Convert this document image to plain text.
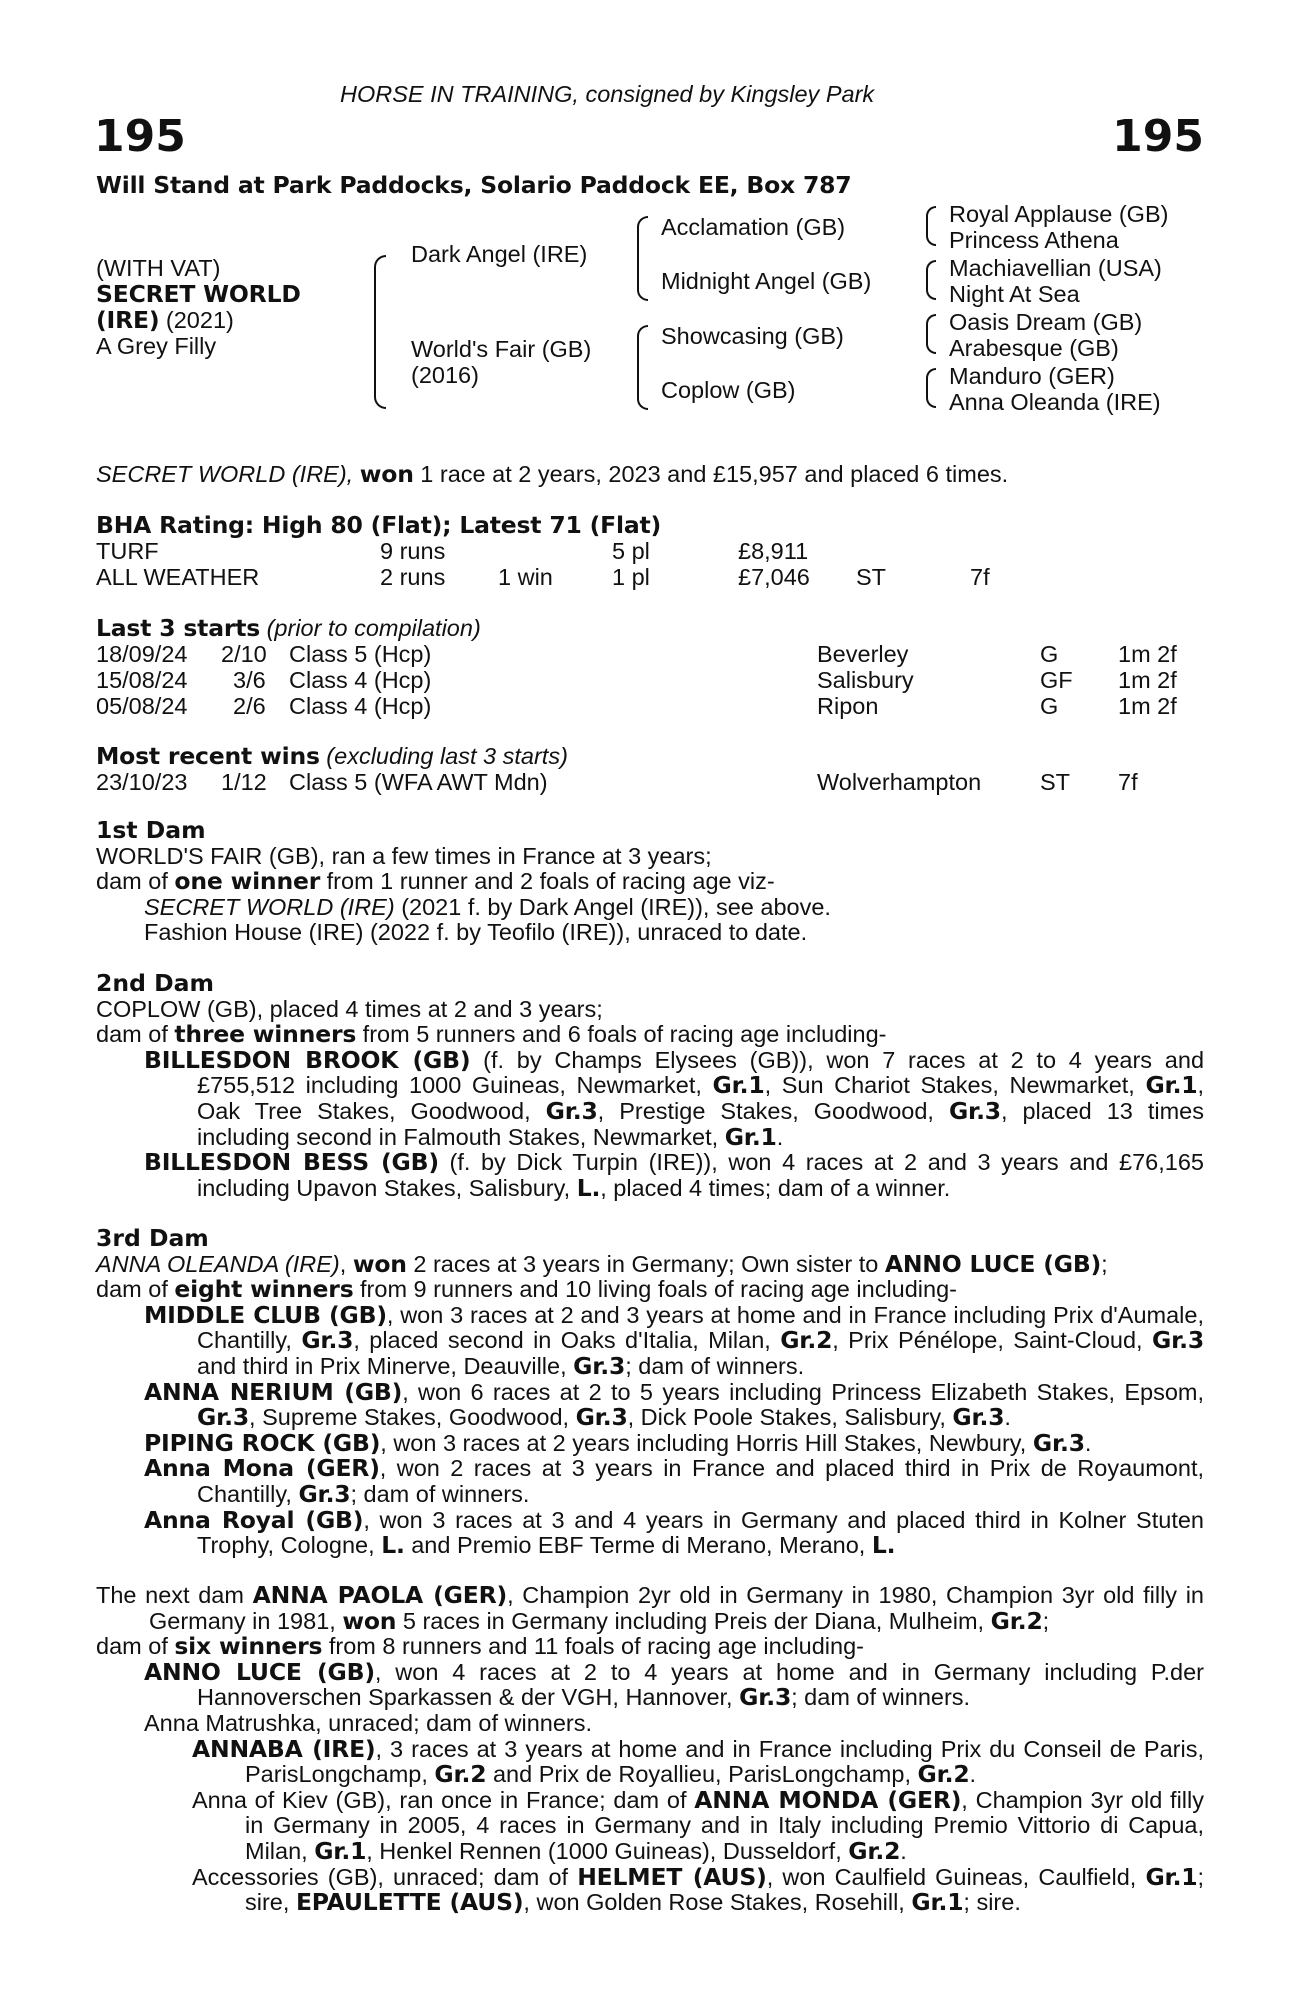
HORSE IN TRAINING, consigned by Kingsley Park
195	195
Will Stand at Park Paddocks, Solario Paddock EE, Box 787
(WITH VAT)
SECRET WORLD
(IRE) (2021)
A Grey Filly
Dark Angel (IRE)
World's Fair (GB)
(2016)
Acclamation (GB)
Midnight Angel (GB)
Showcasing (GB)
Coplow (GB)
Royal Applause (GB)
Princess Athena
Machiavellian (USA)
Night At Sea
Oasis Dream (GB)
Arabesque (GB)
Manduro (GER)
Anna Oleanda (IRE)
SECRET WORLD (IRE), won 1 race at 2 years, 2023 and £15,957 and placed 6 times.
BHA Rating: High 80 (Flat); Latest 71 (Flat)
TURF	9 runs	5 pl	£8,911
ALL WEATHER	2 runs 1 win	1 pl	£7,046 ST	7f
Last 3 starts (prior to compilation)
18/09/24 2/10 Class 5 (Hcp)	Beverley	G	1m 2f
15/08/24 3/6 Class 4 (Hcp)	Salisbury	GF 1m 2f
05/08/24 2/6 Class 4 (Hcp)	Ripon	G	1m 2f
Most recent wins (excluding last 3 starts)
23/10/23 1/12 Class 5 (WFA AWT Mdn)	Wolverhampton	ST 7f
1st Dam

WORLD'S FAIR (GB), ran a few times in France at 3 years;

dam of one winner from 1 runner and 2 foals of racing age viz-

SECRET WORLD (IRE) (2021 f. by Dark Angel (IRE)), see above.

Fashion House (IRE) (2022 f. by Teofilo (IRE)), unraced to date.

2nd Dam

COPLOW (GB), placed 4 times at 2 and 3 years;

dam of three winners from 5 runners and 6 foals of racing age including-

BILLESDON BROOK (GB) (f. by Champs Elysees (GB)), won 7 races at 2 to 4 years and £755,512 including 1000 Guineas, Newmarket, Gr.1, Sun Chariot Stakes, Newmarket, Gr.1, Oak Tree Stakes, Goodwood, Gr.3, Prestige Stakes, Goodwood, Gr.3, placed 13 times including second in Falmouth Stakes, Newmarket, Gr.1.

BILLESDON BESS (GB) (f. by Dick Turpin (IRE)), won 4 races at 2 and 3 years and £76,165 including Upavon Stakes, Salisbury, L., placed 4 times; dam of a winner.

3rd Dam

ANNA OLEANDA (IRE), won 2 races at 3 years in Germany; Own sister to ANNO LUCE (GB);

dam of eight winners from 9 runners and 10 living foals of racing age including-

MIDDLE CLUB (GB), won 3 races at 2 and 3 years at home and in France including Prix d'Aumale, Chantilly, Gr.3, placed second in Oaks d'Italia, Milan, Gr.2, Prix Pénélope, Saint-Cloud, Gr.3 and third in Prix Minerve, Deauville, Gr.3; dam of winners.

ANNA NERIUM (GB), won 6 races at 2 to 5 years including Princess Elizabeth Stakes, Epsom, Gr.3, Supreme Stakes, Goodwood, Gr.3, Dick Poole Stakes, Salisbury, Gr.3.

PIPING ROCK (GB), won 3 races at 2 years including Horris Hill Stakes, Newbury, Gr.3.

Anna Mona (GER), won 2 races at 3 years in France and placed third in Prix de Royaumont, Chantilly, Gr.3; dam of winners.

Anna Royal (GB), won 3 races at 3 and 4 years in Germany and placed third in Kolner Stuten Trophy, Cologne, L. and Premio EBF Terme di Merano, Merano, L.

The next dam ANNA PAOLA (GER), Champion 2yr old in Germany in 1980, Champion 3yr old filly in Germany in 1981, won 5 races in Germany including Preis der Diana, Mulheim, Gr.2;

dam of six winners from 8 runners and 11 foals of racing age including-

ANNO LUCE (GB), won 4 races at 2 to 4 years at home and in Germany including P.der Hannoverschen Sparkassen & der VGH, Hannover, Gr.3; dam of winners.

Anna Matrushka, unraced; dam of winners.

ANNABA (IRE), 3 races at 3 years at home and in France including Prix du Conseil de Paris, ParisLongchamp, Gr.2 and Prix de Royallieu, ParisLongchamp, Gr.2.

Anna of Kiev (GB), ran once in France; dam of ANNA MONDA (GER), Champion 3yr old filly in Germany in 2005, 4 races in Germany and in Italy including Premio Vittorio di Capua, Milan, Gr.1, Henkel Rennen (1000 Guineas), Dusseldorf, Gr.2.

Accessories (GB), unraced; dam of HELMET (AUS), won Caulfield Guineas, Caulfield, Gr.1; sire, EPAULETTE (AUS), won Golden Rose Stakes, Rosehill, Gr.1; sire.
